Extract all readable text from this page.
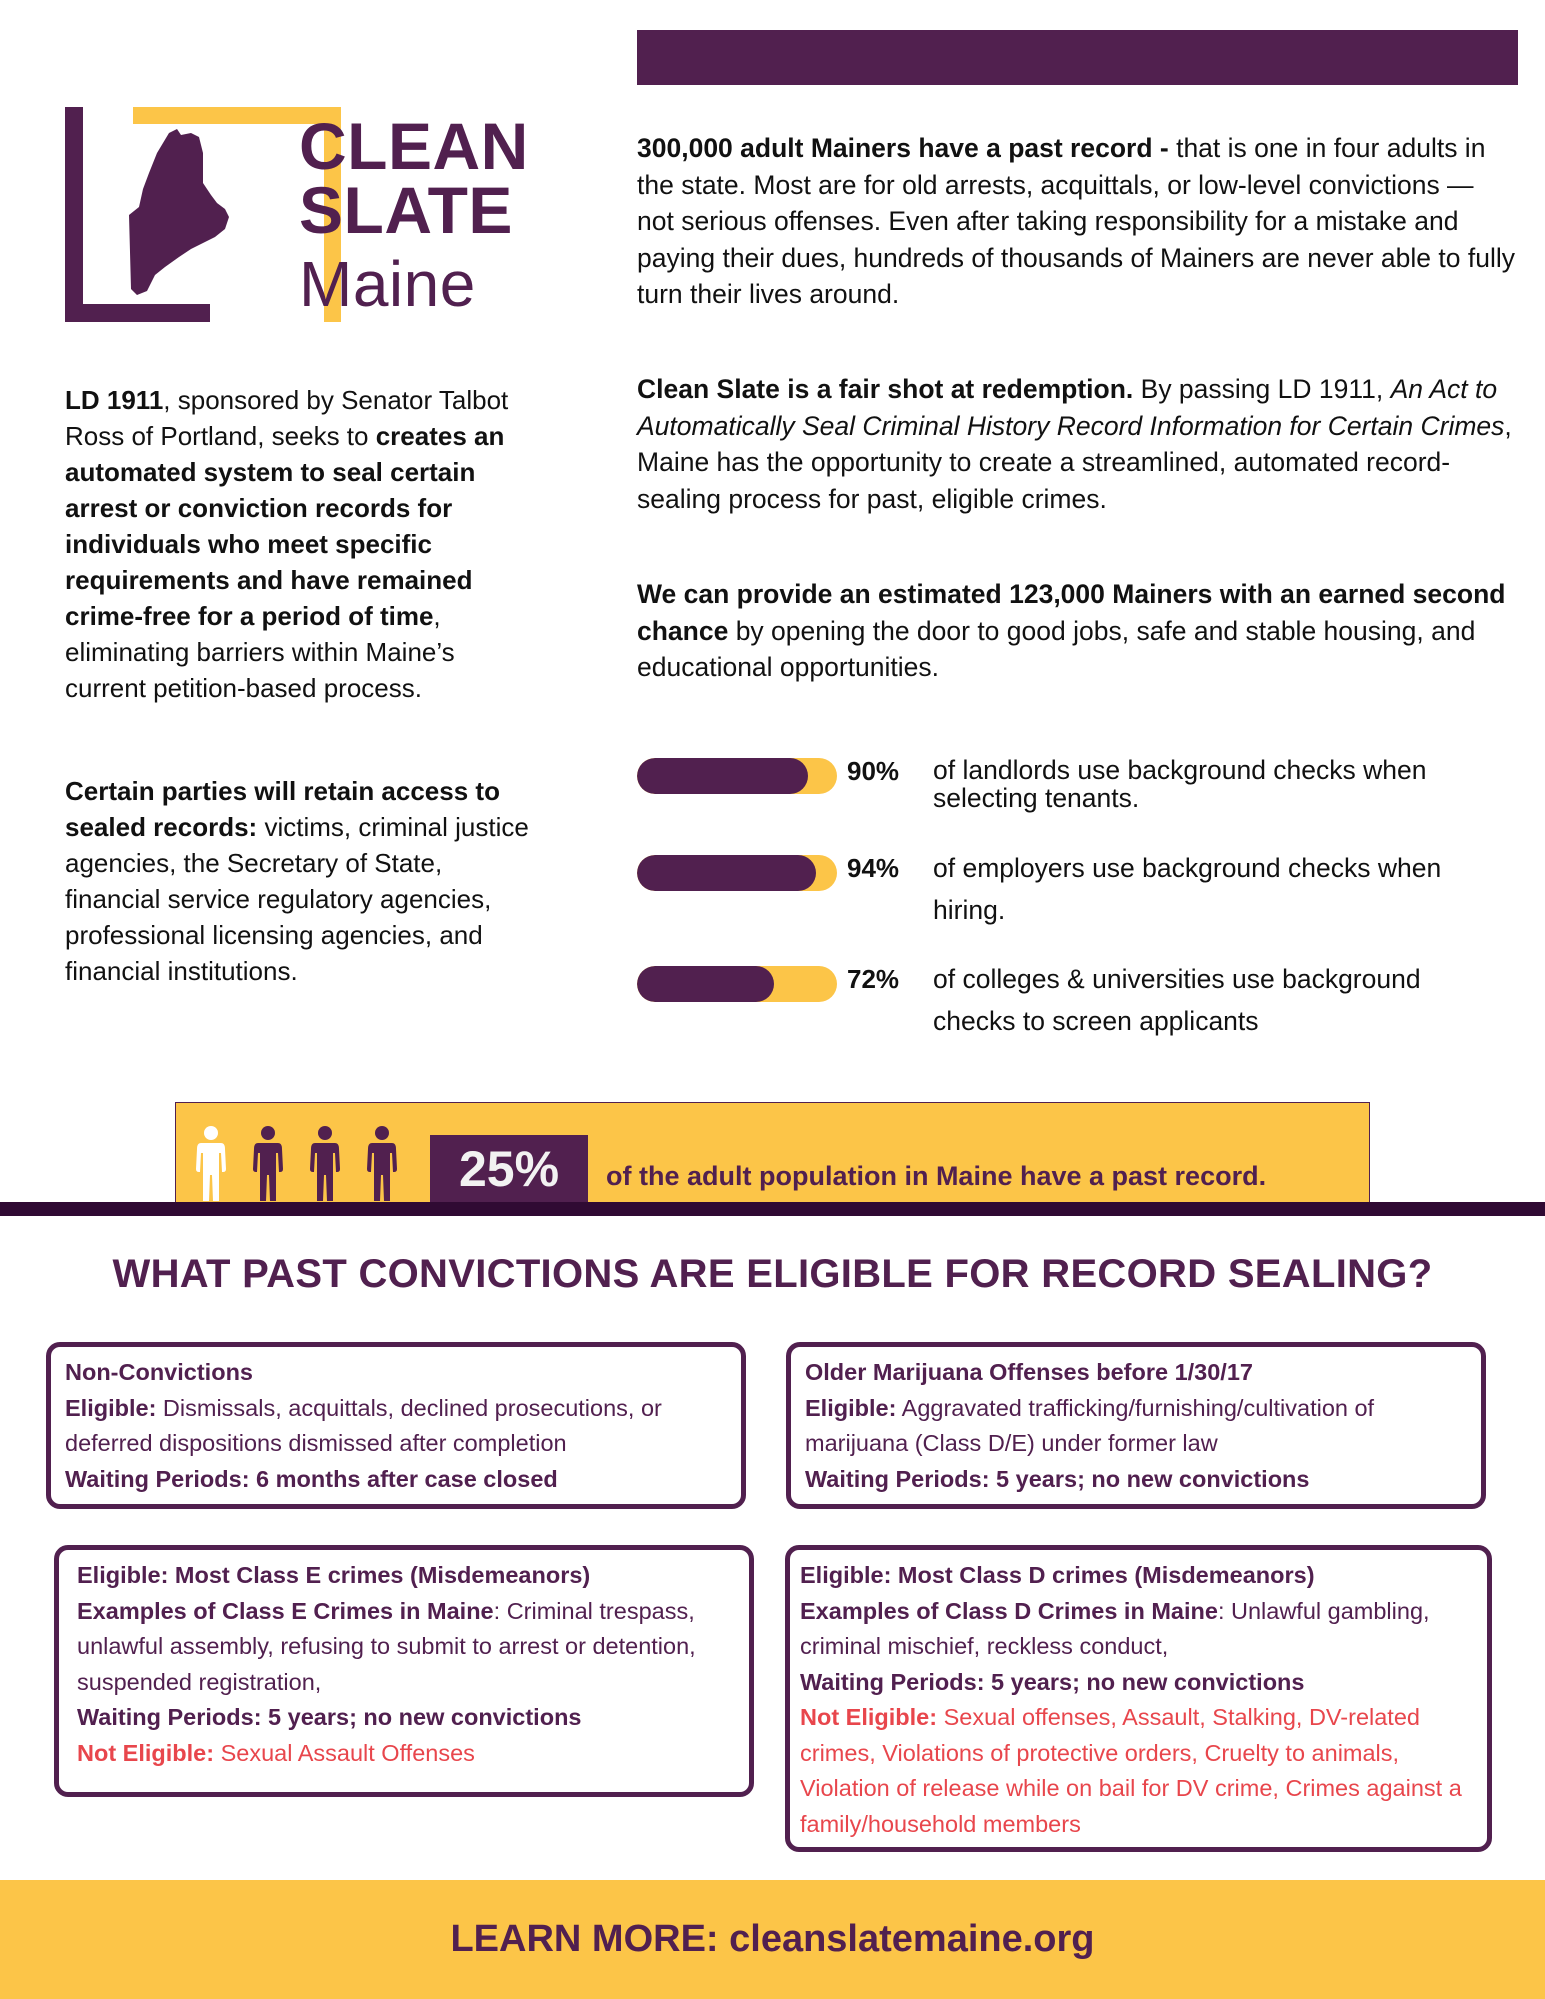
CLEAN
SLATE
Maine
LD 1911, sponsored by Senator Talbot Ross of Portland, seeks to creates an automated system to seal certain arrest or conviction records for individuals who meet specific requirements and have remained crime-free for a period of time, eliminating barriers within Maine’s current petition-based process.
Certain parties will retain access to sealed records: victims, criminal justice agencies, the Secretary of State, financial service regulatory agencies, professional licensing agencies, and financial institutions.
300,000 adult Mainers have a past record - that is one in four adults in the state. Most are for old arrests, acquittals, or low-level convictions — not serious offenses. Even after taking responsibility for a mistake and paying their dues, hundreds of thousands of Mainers are never able to fully turn their lives around.
Clean Slate is a fair shot at redemption. By passing LD 1911, An Act to Automatically Seal Criminal History Record Information for Certain Crimes, Maine has the opportunity to create a streamlined, automated record-sealing process for past, eligible crimes.
We can provide an estimated 123,000 Mainers with an earned second chance by opening the door to good jobs, safe and stable housing, and educational opportunities.
90% of landlords use background checks when selecting tenants.
94% of employers use background checks when hiring.
72% of colleges & universities use background checks to screen applicants
25%	of the adult population in Maine have a past record.
WHAT PAST CONVICTIONS ARE ELIGIBLE FOR RECORD SEALING?
Non-Convictions
Eligible: Dismissals, acquittals, declined prosecutions, or deferred dispositions dismissed after completion
Waiting Periods: 6 months after case closed
Older Marijuana Offenses before 1/30/17
Eligible: Aggravated trafficking/furnishing/cultivation of marijuana (Class D/E) under former law
Waiting Periods: 5 years; no new convictions
Eligible: Most Class E crimes (Misdemeanors)
Examples of Class E Crimes in Maine: Criminal trespass, unlawful assembly, refusing to submit to arrest or detention, suspended registration,
Waiting Periods: 5 years; no new convictions
Not Eligible: Sexual Assault Offenses
Eligible: Most Class D crimes (Misdemeanors)
Examples of Class D Crimes in Maine: Unlawful gambling, criminal mischief, reckless conduct,
Waiting Periods: 5 years; no new convictions
Not Eligible: Sexual offenses, Assault, Stalking, DV-related crimes, Violations of protective orders, Cruelty to animals, Violation of release while on bail for DV crime, Crimes against a family/household members
LEARN MORE: cleanslatemaine.org
